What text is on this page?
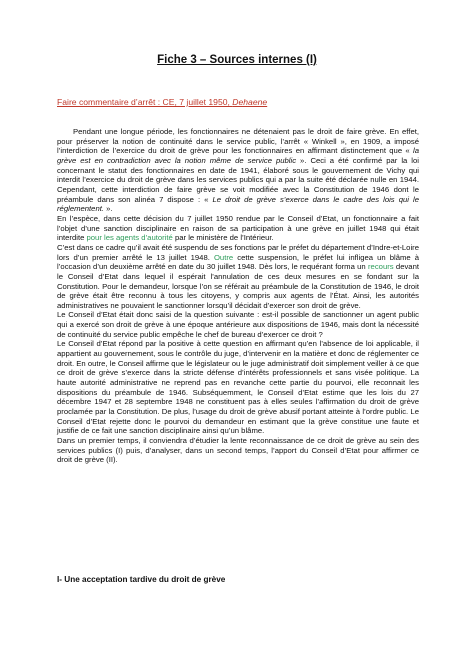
Fiche 3 – Sources internes (I)
Faire commentaire d’arrêt : CE, 7 juillet 1950, Dehaene

Pendant une longue période, les fonctionnaires ne détenaient pas le droit de faire grève. En effet, pour préserver la notion de continuité dans le service public, l’arrêt « Winkell », en 1909, a imposé l’interdiction de l’exercice du droit de grève pour les fonctionnaires en affirmant distinctement que « la grève est en contradiction avec la notion même de service public ». Ceci a été confirmé par la loi concernant le statut des fonctionnaires en date de 1941, élaboré sous le gouvernement de Vichy qui interdit l’exercice du droit de grève dans les services publics qui a par la suite été déclarée nulle en 1944. Cependant, cette interdiction de faire grève se voit modifiée avec la Constitution de 1946 dont le préambule dans son alinéa 7 dispose : « Le droit de grève s’exerce dans le cadre des lois qui le réglementent. ».

En l’espèce, dans cette décision du 7 juillet 1950 rendue par le Conseil d’Etat, un fonctionnaire a fait l’objet d’une sanction disciplinaire en raison de sa participation à une grève en juillet 1948 qui était interdite pour les agents d’autorité par le ministère de l’Intérieur.

C’est dans ce cadre qu’il avait été suspendu de ses fonctions par le préfet du département d’Indre-et-Loire lors d’un premier arrêté le 13 juillet 1948. Outre cette suspension, le préfet lui infligea un blâme à l’occasion d’un deuxième arrêté en date du 30 juillet 1948. Dès lors, le requérant forma un recours devant le Conseil d’Etat dans lequel il espérait l’annulation de ces deux mesures en se fondant sur la Constitution. Pour le demandeur, lorsque l’on se référait au préambule de la Constitution de 1946, le droit de grève était être reconnu à tous les citoyens, y compris aux agents de l’État. Ainsi, les autorités administratives ne pouvaient le sanctionner lorsqu’il décidait d’exercer son droit de grève.

Le Conseil d’Etat était donc saisi de la question suivante : est-il possible de sanctionner un agent public qui a exercé son droit de grève à une époque antérieure aux dispositions de 1946, mais dont la nécessité de continuité du service public empêche le chef de bureau d’exercer ce droit ?

Le Conseil d’Etat répond par la positive à cette question en affirmant qu’en l’absence de loi applicable, il appartient au gouvernement, sous le contrôle du juge, d’intervenir en la matière et donc de réglementer ce droit. En outre, le Conseil affirme que le législateur ou le juge administratif doit simplement veiller à ce que ce droit de grève s’exerce dans la stricte défense d’intérêts professionnels et sans visée politique. La haute autorité administrative ne reprend pas en revanche cette partie du pourvoi, elle reconnait les dispositions du préambule de 1946. Subséquemment, le Conseil d’Etat estime que les lois du 27 décembre 1947 et 28 septembre 1948 ne constituent pas à elles seules l’affirmation du droit de grève proclamée par la Constitution. De plus, l’usage du droit de grève abusif portant atteinte à l’ordre public. Le Conseil d’Etat rejette donc le pourvoi du demandeur en estimant que la grève constitue une faute et justifie de ce fait une sanction disciplinaire ainsi qu’un blâme.

Dans un premier temps, il conviendra d’étudier la lente reconnaissance de ce droit de grève au sein des services publics (I) puis, d’analyser, dans un second temps, l’apport du Conseil d’Etat pour affirmer ce droit de grève (II).

I- Une acceptation tardive du droit de grève
